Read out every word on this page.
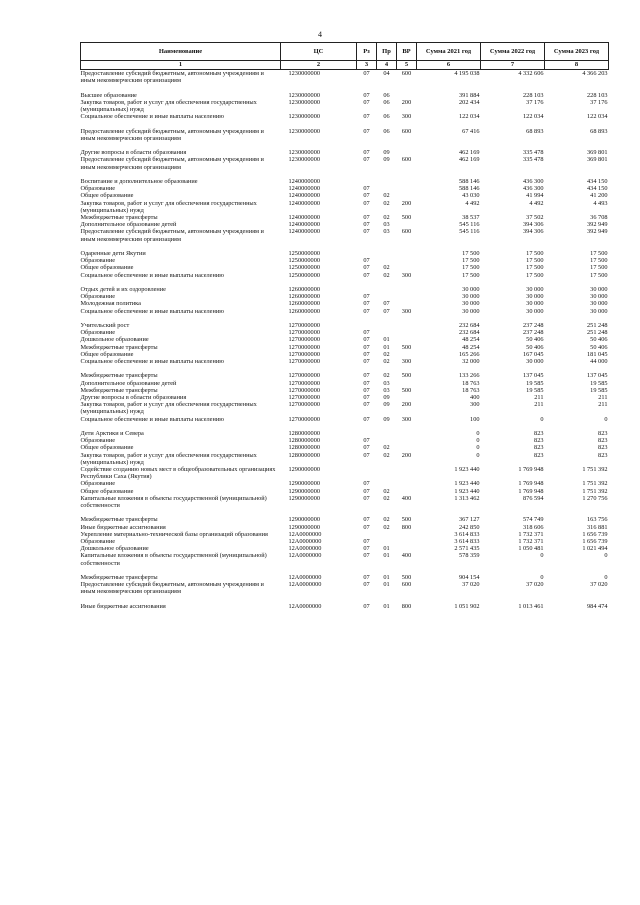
4
Наименование	ЦС	Рз	Пр	ВР	Сумма 2021 год	Сумма 2022 год	Сумма 2023 год
1	2	3	4	5	6	7	8
Предоставление субсидий бюджетным, автономным учреждениям и иным некоммерческим организациям	1230000000	07	04	600	4 195 038	4 332 606	4 366 203

Высшее образование	1230000000	07	06		391 884	228 103	228 103
Закупка товаров, работ и услуг для обеспечения государственных (муниципальных) нужд	1230000000	07	06	200	202 434	37 176	37 176
Социальное обеспечение и иные выплаты населению	1230000000	07	06	300	122 034	122 034	122 034

Предоставление субсидий бюджетным, автономным учреждениям и иным некоммерческим организациям	1230000000	07	06	600	67 416	68 893	68 893

Другие вопросы в области образования	1230000000	07	09		462 169	335 478	369 801
Предоставление субсидий бюджетным, автономным учреждениям и иным некоммерческим организациям	1230000000	07	09	600	462 169	335 478	369 801

Воспитание и дополнительное образование	1240000000				588 146	436 300	434 150
Образование	1240000000	07			588 146	436 300	434 150
Общее образование	1240000000	07	02		43 030	41 994	41 200
Закупка товаров, работ и услуг для обеспечения государственных (муниципальных) нужд	1240000000	07	02	200	4 492	4 492	4 493
Межбюджетные трансферты	1240000000	07	02	500	38 537	37 502	36 708
Дополнительное образование детей	1240000000	07	03		545 116	394 306	392 949
Предоставление субсидий бюджетным, автономным учреждениям и иным некоммерческим организациям	1240000000	07	03	600	545 116	394 306	392 949

Одаренные дети Якутии	1250000000				17 500	17 500	17 500
Образование	1250000000	07			17 500	17 500	17 500
Общее образование	1250000000	07	02		17 500	17 500	17 500
Социальное обеспечение и иные выплаты населению	1250000000	07	02	300	17 500	17 500	17 500

Отдых детей и их оздоровление	1260000000				30 000	30 000	30 000
Образование	1260000000	07			30 000	30 000	30 000
Молодежная политика	1260000000	07	07		30 000	30 000	30 000
Социальное обеспечение и иные выплаты населению	1260000000	07	07	300	30 000	30 000	30 000

Учительский рост	1270000000				232 684	237 248	251 248
Образование	1270000000	07			232 684	237 248	251 248
Дошкольное образование	1270000000	07	01		48 254	50 406	50 406
Межбюджетные трансферты	1270000000	07	01	500	48 254	50 406	50 406
Общее образование	1270000000	07	02		165 266	167 045	181 045
Социальное обеспечение и иные выплаты населению	1270000000	07	02	300	32 000	30 000	44 000

Межбюджетные трансферты	1270000000	07	02	500	133 266	137 045	137 045
Дополнительное образование детей	1270000000	07	03		18 763	19 585	19 585
Межбюджетные трансферты	1270000000	07	03	500	18 763	19 585	19 585
Другие вопросы в области образования	1270000000	07	09		400	211	211
Закупка товаров, работ и услуг для обеспечения государственных (муниципальных) нужд	1270000000	07	09	200	300	211	211
Социальное обеспечение и иные выплаты населению	1270000000	07	09	300	100	0	0

Дети Арктики и Севера	1280000000				0	823	823
Образование	1280000000	07			0	823	823
Общее образование	1280000000	07	02		0	823	823
Закупка товаров, работ и услуг для обеспечения государственных (муниципальных) нужд	1280000000	07	02	200	0	823	823
Содействие созданию новых мест в общеобразовательных организациях Республики Саха (Якутия)	1290000000				1 923 440	1 769 948	1 751 392
Образование	1290000000	07			1 923 440	1 769 948	1 751 392
Общее образование	1290000000	07	02		1 923 440	1 769 948	1 751 392
Капитальные вложения в объекты государственной (муниципальной) собственности	1290000000	07	02	400	1 313 462	876 594	1 270 756

Межбюджетные трансферты	1290000000	07	02	500	367 127	574 749	163 756
Иные бюджетные ассигнования	1290000000	07	02	800	242 850	318 606	316 881
Укрепление материально-технической базы организаций образования	12А0000000				3 614 833	1 732 371	1 656 739
Образование	12А0000000	07			3 614 833	1 732 371	1 656 739
Дошкольное образование	12А0000000	07	01		2 571 435	1 050 481	1 021 494
Капитальные вложения в объекты государственной (муниципальной) собственности	12А0000000	07	01	400	578 359	0	0

Межбюджетные трансферты	12А0000000	07	01	500	904 154	0	0
Предоставление субсидий бюджетным, автономным учреждениям и иным некоммерческим организациям	12А0000000	07	01	600	37 020	37 020	37 020

Иные бюджетные ассигнования	12А0000000	07	01	800	1 051 902	1 013 461	984 474
